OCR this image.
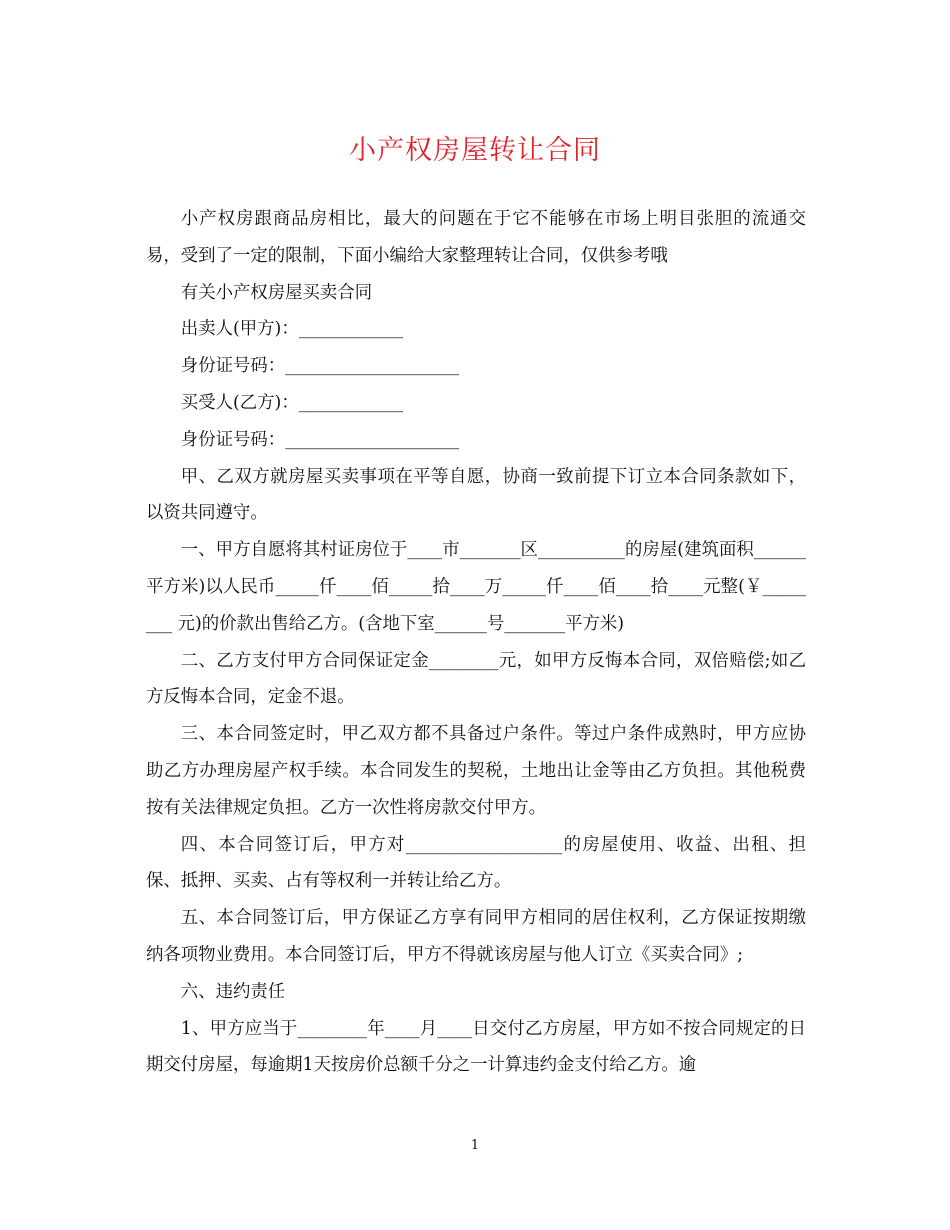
小产权房屋转让合同

小产权房跟商品房相比，最大的问题在于它不能够在市场上明目张胆的流通交易，受到了一定的限制，下面小编给大家整理转让合同，仅供参考哦

有关小产权房屋买卖合同

出卖人(甲方)：____________

身份证号码：____________________

买受人(乙方)：____________

身份证号码：____________________

甲、乙双方就房屋买卖事项在平等自愿，协商一致前提下订立本合同条款如下，以资共同遵守。

一、甲方自愿将其村证房位于____市_______区__________的房屋(建筑面积______平方米)以人民币_____仟____佰_____拾____万_____仟____佰____拾____元整(￥________ 元)的价款出售给乙方。(含地下室______号_______平方米)

二、乙方支付甲方合同保证定金________元，如甲方反悔本合同，双倍赔偿;如乙方反悔本合同，定金不退。

三、本合同签定时，甲乙双方都不具备过户条件。等过户条件成熟时，甲方应协助乙方办理房屋产权手续。本合同发生的契税，土地出让金等由乙方负担。其他税费按有关法律规定负担。乙方一次性将房款交付甲方。

四、本合同签订后，甲方对__________________的房屋使用、收益、出租、担保、抵押、买卖、占有等权利一并转让给乙方。

五、本合同签订后，甲方保证乙方享有同甲方相同的居住权利，乙方保证按期缴纳各项物业费用。本合同签订后，甲方不得就该房屋与他人订立《买卖合同》;

六、违约责任

1、甲方应当于________年____月____日交付乙方房屋，甲方如不按合同规定的日期交付房屋，每逾期1天按房价总额千分之一计算违约金支付给乙方。逾

1
